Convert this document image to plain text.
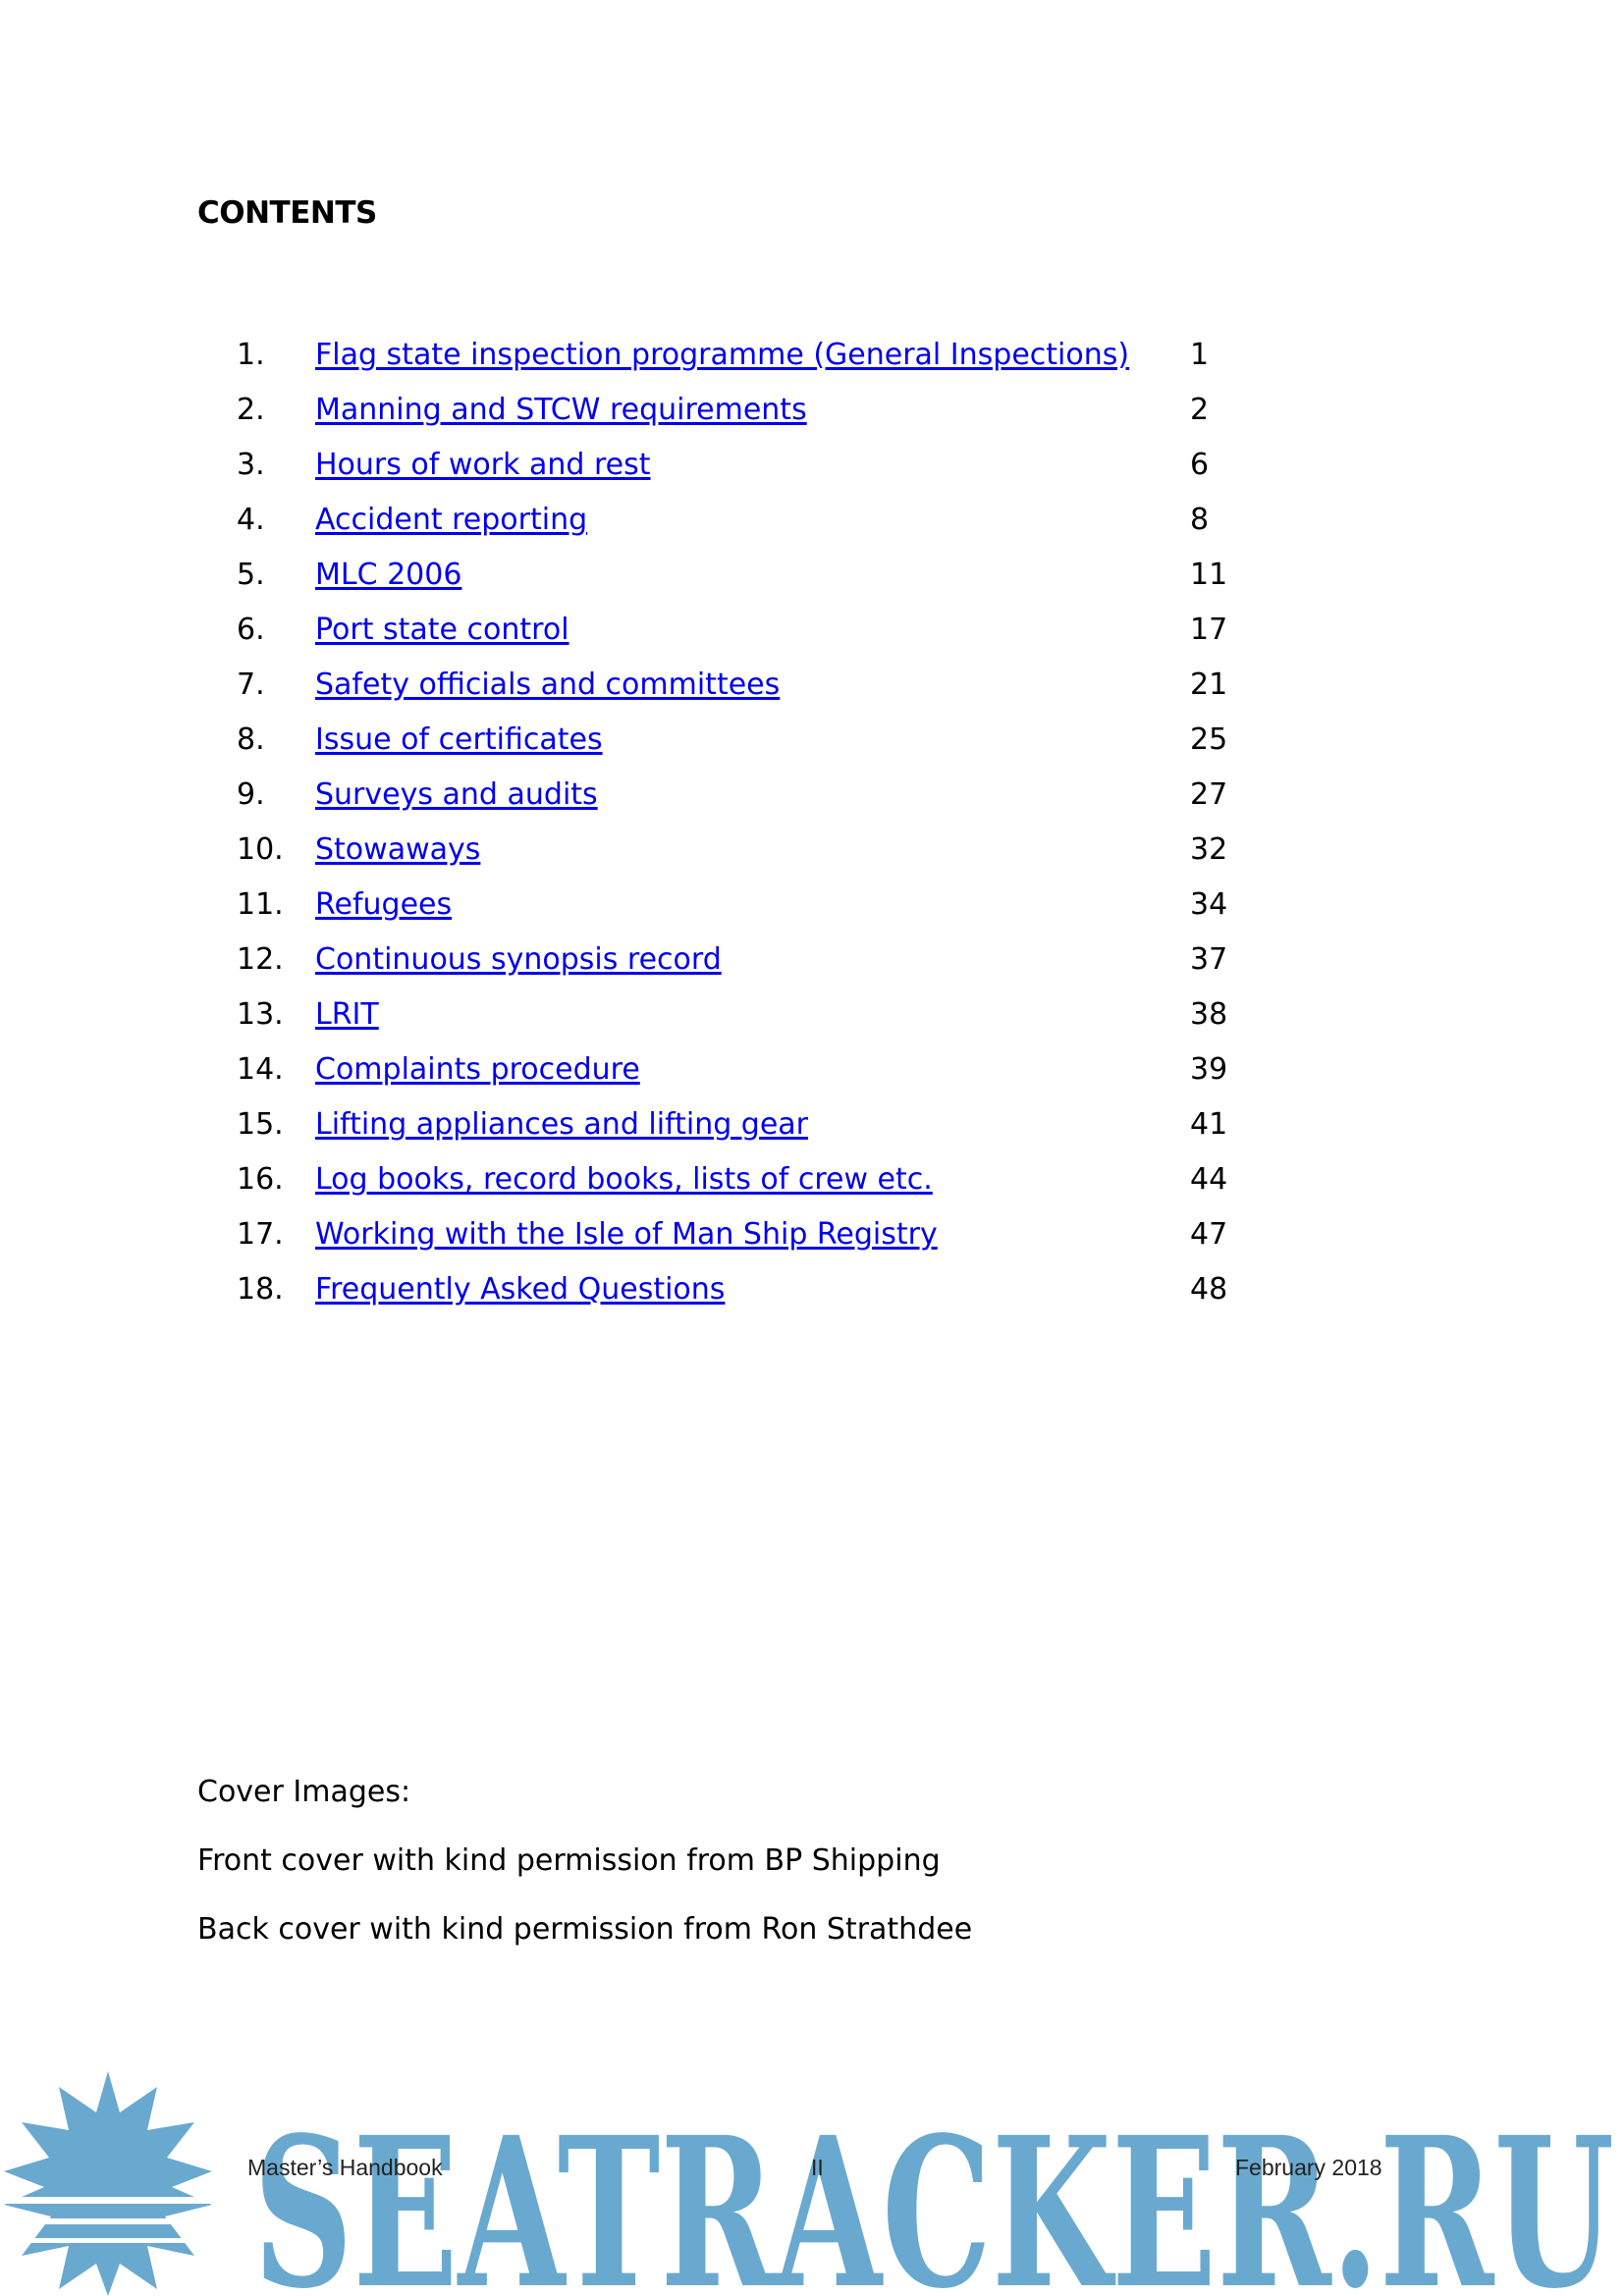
CONTENTS
1. Flag state inspection programme (General Inspections) 1
2. Manning and STCW requirements	2
3. Hours of work and rest	6
4. Accident reporting	8
5. MLC 2006	11
6. Port state control	17
7. Safety officials and committees	21
8. Issue of certificates	25
9. Surveys and audits	27
10. Stowaways	32
11. Refugees	34
12. Continuous synopsis record	37
13. LRIT	38
14. Complaints procedure	39
15. Lifting appliances and lifting gear	41
16. Log books, record books, lists of crew etc.	44
17. Working with the Isle of Man Ship Registry	47
18. Frequently Asked Questions	48
Cover Images:
Front cover with kind permission from BP Shipping
Back cover with kind permission from Ron Strathdee
SEATRACKER.RU
Master’s Handbook	II	February 2018
